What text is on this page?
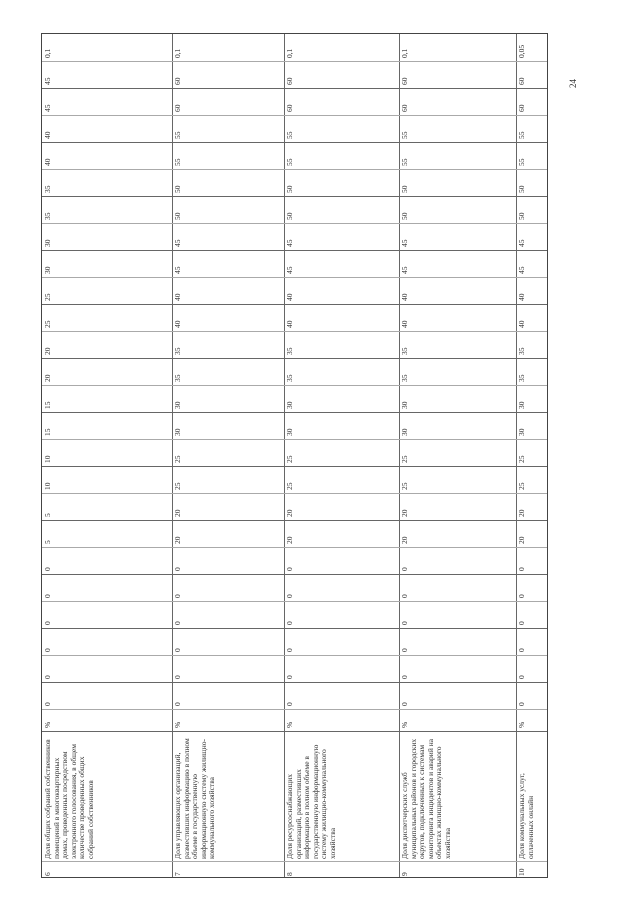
6
Доля общих собраний собственников помещений в многоквартирных домах, проведенных посредством электронного голосования, в общем количестве проведенных общих собраний собственников
%
0
0
0
0
0
0
5
5
10
10
15
15
20
20
25
25
30
30
35
35
40
40
45
45
0,1
7
Доля управляющих организаций, разместивших информацию в полном объеме в государственную информационную систему жилищно-коммунального хозяйства
%
0
0
0
0
0
0
20
20
25
25
30
30
35
35
40
40
45
45
50
50
55
55
60
60
0,1
8
Доля ресурсоснабжающих организаций, разместивших информацию в полном объеме в государственную информационную систему жилищно-коммунального хозяйства
%
0
0
0
0
0
0
20
20
25
25
30
30
35
35
40
40
45
45
50
50
55
55
60
60
0,1
9
Доля диспетчерских служб муниципальных районов и городских округов, подключенных к системам мониторинга инцидентов и аварий на объектах жилищно-коммунального хозяйства
%
0
0
0
0
0
0
20
20
25
25
30
30
35
35
40
40
45
45
50
50
55
55
60
60
0,1
10
Доля коммунальных услуг, оплаченных онлайн
%
0
0
0
0
0
0
20
20
25
25
30
30
35
35
40
40
45
45
50
50
55
55
60
60
0,05
24
